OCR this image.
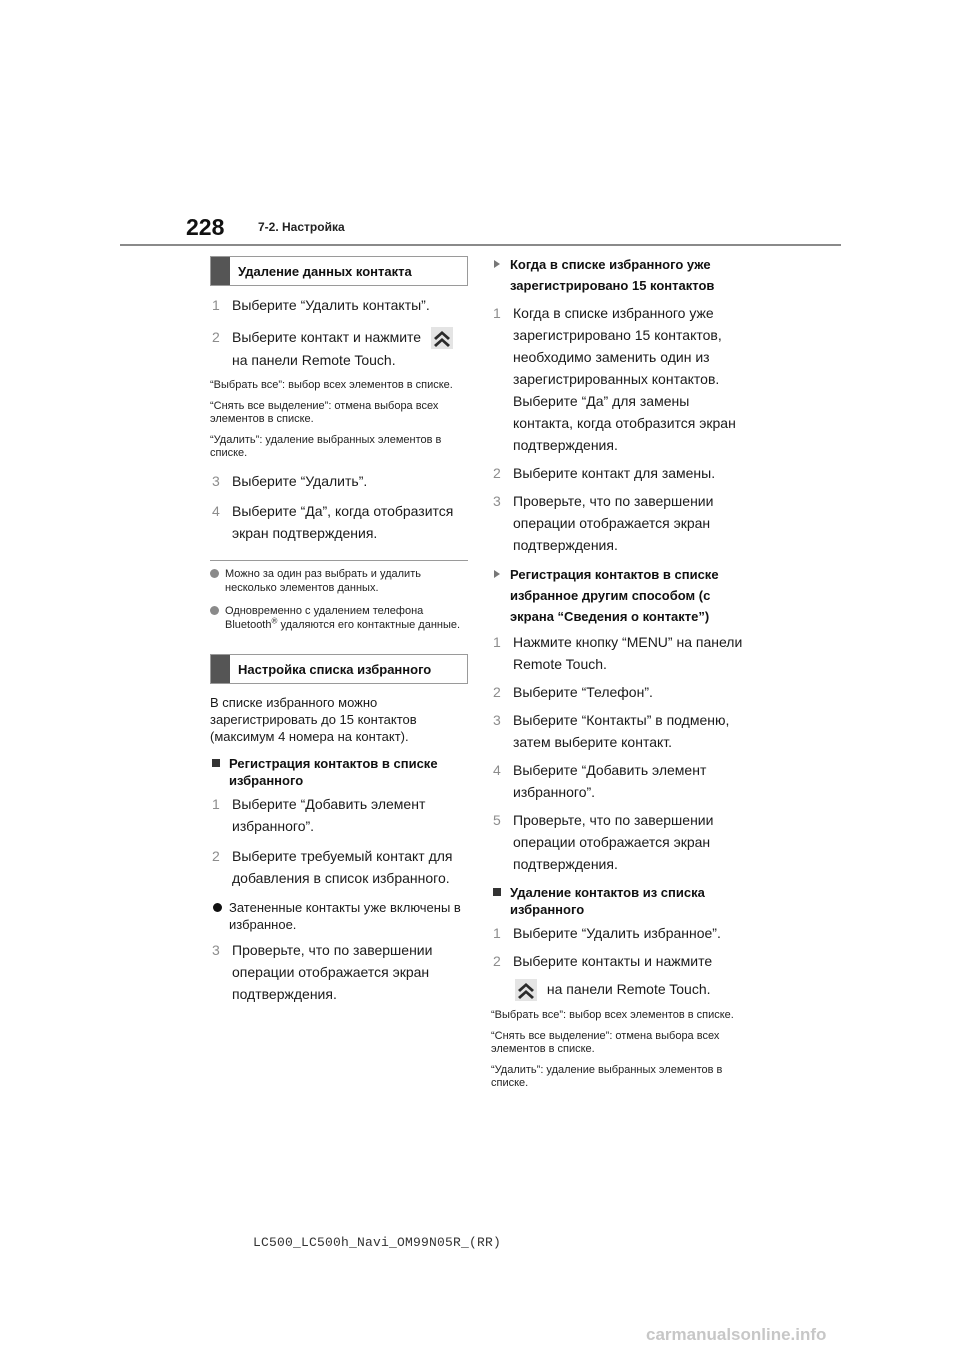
228	7-2. Настройка
Удаление данных контакта
1 Выберите “Удалить контакты”.
2 Выберите контакт и нажмите
на панели Remote Touch.
“Выбрать все”: выбор всех элементов в списке.
“Снять все выделение”: отмена выбора всех элементов в списке.
“Удалить”: удаление выбранных элементов в списке.
3 Выберите “Удалить”.
4 Выберите “Да”, когда отобразится экран подтверждения.
Можно за один раз выбрать и удалить несколько элементов данных.
Одновременно с удалением телефона Bluetooth® удаляются его контактные данные.
Настройка списка избранного
В списке избранного можно зарегистрировать до 15 контактов (максимум 4 номера на контакт).
Регистрация контактов в списке избранного
1 Выберите “Добавить элемент избранного”.
2 Выберите требуемый контакт для добавления в список избранного.
Затененные контакты уже включены в избранное.
3 Проверьте, что по завершении операции отображается экран подтверждения.
Когда в списке избранного уже зарегистрировано 15 контактов
1 Когда в списке избранного уже зарегистрировано 15 контактов, необходимо заменить один из зарегистрированных контактов. Выберите “Да” для замены контакта, когда отобразится экран подтверждения.
2 Выберите контакт для замены.
3 Проверьте, что по завершении операции отображается экран подтверждения.
Регистрация контактов в списке избранное другим способом (с экрана “Сведения о контакте”)
1 Нажмите кнопку “MENU” на панели Remote Touch.
2 Выберите “Телефон”.
3 Выберите “Контакты” в подменю, затем выберите контакт.
4 Выберите “Добавить элемент избранного”.
5 Проверьте, что по завершении операции отображается экран подтверждения.
Удаление контактов из списка избранного
1 Выберите “Удалить избранное”.
2 Выберите контакты и нажмите
на панели Remote Touch.
“Выбрать все”: выбор всех элементов в списке.
“Снять все выделение”: отмена выбора всех элементов в списке.
“Удалить”: удаление выбранных элементов в списке.
LC500_LC500h_Navi_OM99N05R_(RR)
carmanualsonline.info
